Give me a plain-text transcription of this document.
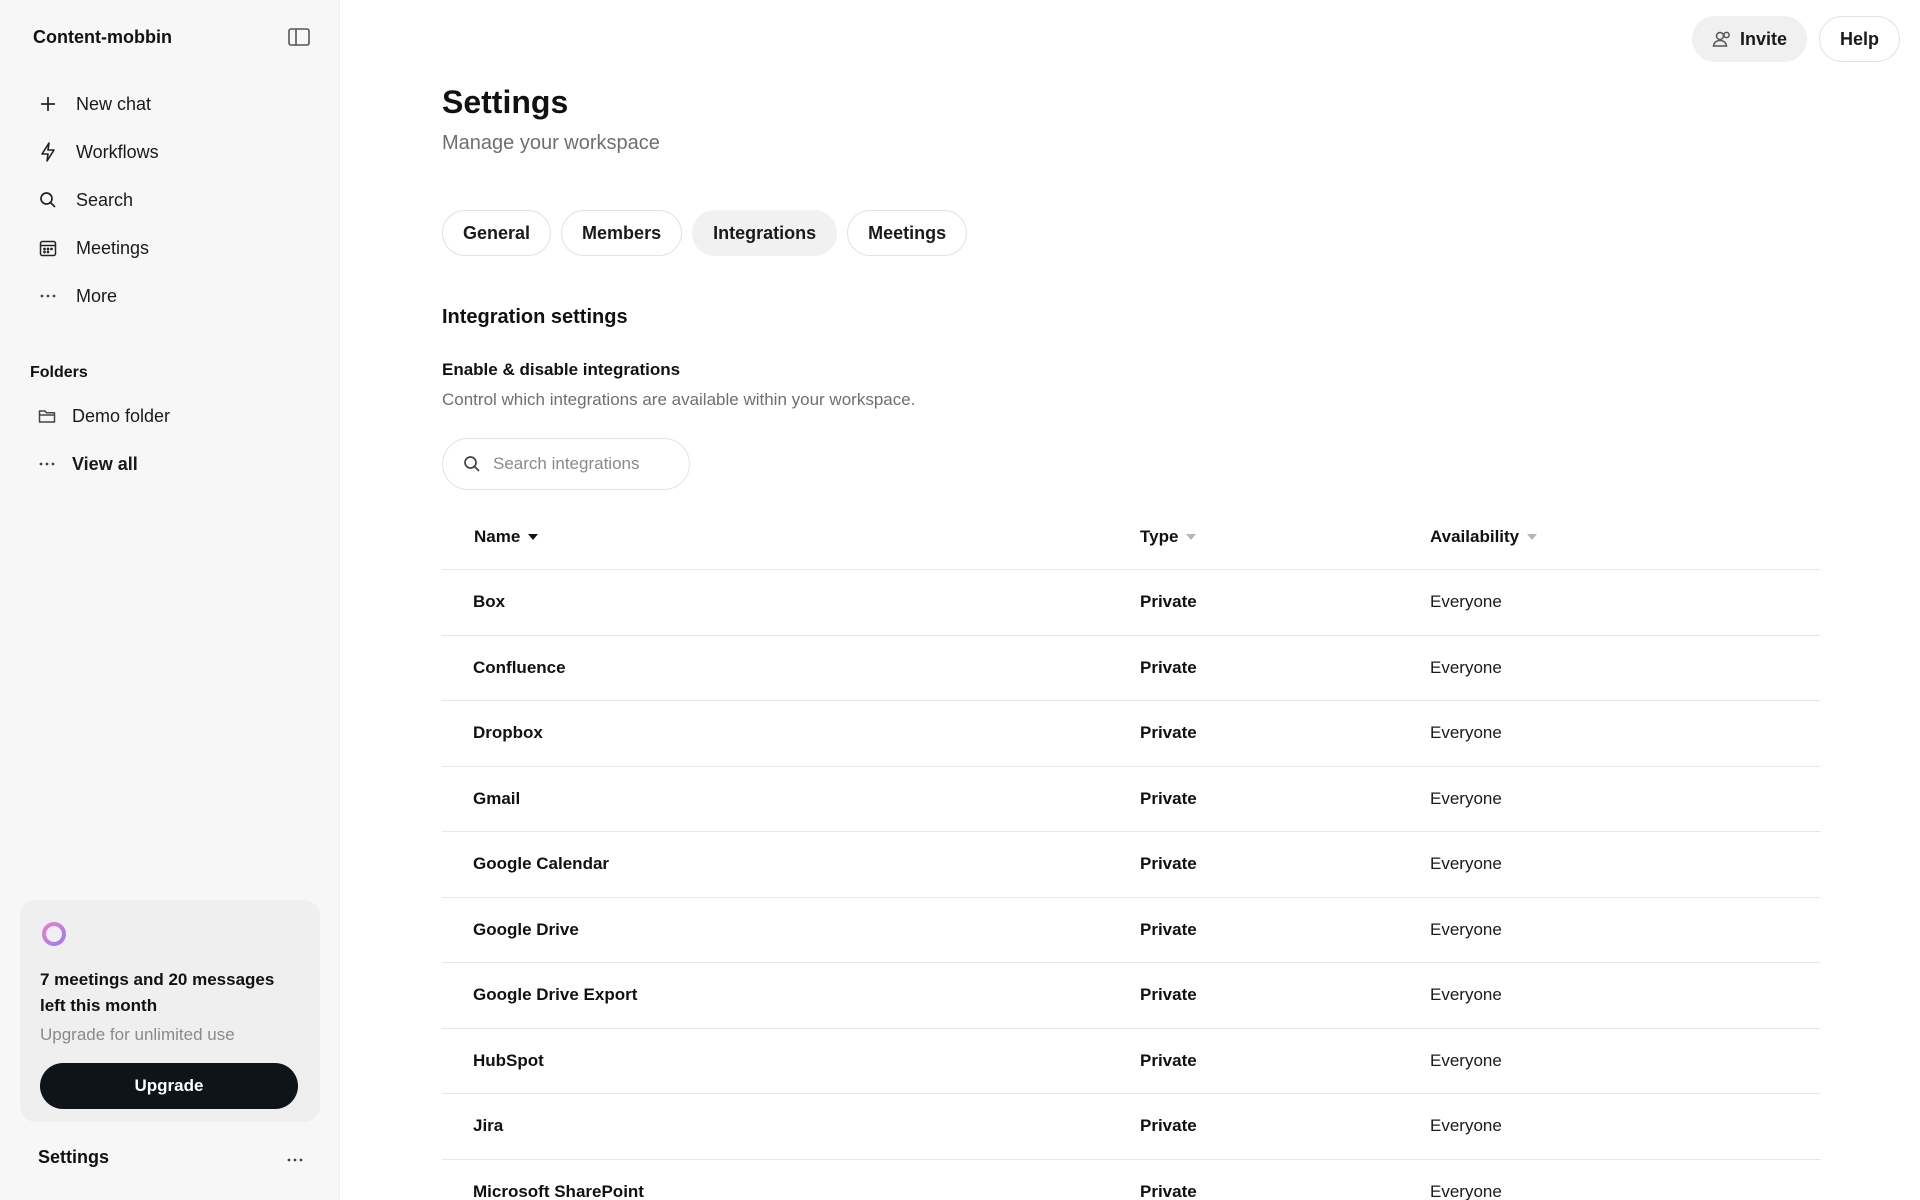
Content-mobbin
New chat
Workflows
Search
Meetings
More
Folders
Demo folder
View all
7 meetings and 20 messages left this month
Upgrade for unlimited use
Upgrade
Settings
Invite	Help
Settings
Manage your workspace
General	Members	Integrations	Meetings
Integration settings
Enable & disable integrations
Control which integrations are available within your workspace.
Search integrations
Name	Type	Availability
Box	Private	Everyone
Confluence	Private	Everyone
Dropbox	Private	Everyone
Gmail	Private	Everyone
Google Calendar	Private	Everyone
Google Drive	Private	Everyone
Google Drive Export	Private	Everyone
HubSpot	Private	Everyone
Jira	Private	Everyone
Microsoft SharePoint	Private	Everyone
